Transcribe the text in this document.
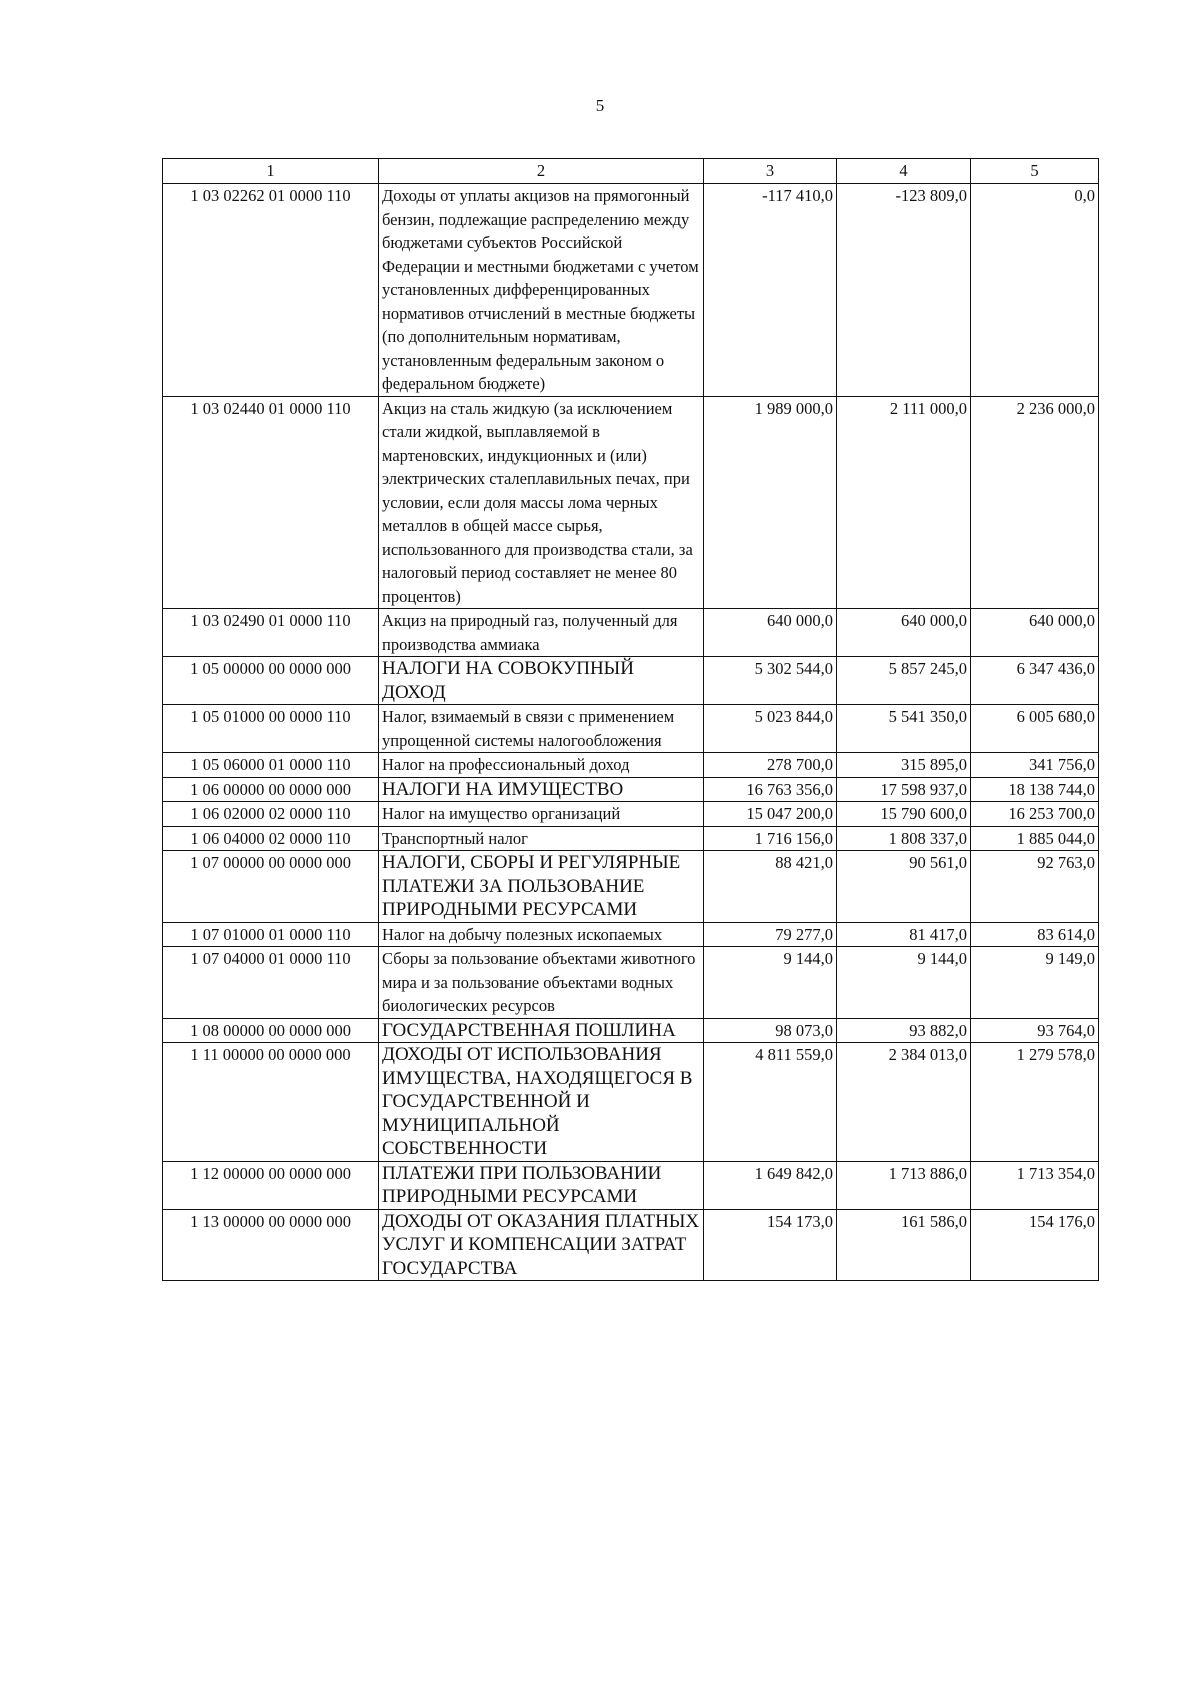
5
1	2	3	4	5
1 03 02262 01 0000 110	Доходы от уплаты акцизов на прямогонный бензин, подлежащие распределению между бюджетами субъектов Российской Федерации и местными бюджетами с учетом установленных дифференцированных нормативов отчислений в местные бюджеты (по дополнительным нормативам, установленным федеральным законом о федеральном бюджете)	-117 410,0	-123 809,0	0,0
1 03 02440 01 0000 110	Акциз на сталь жидкую (за исключением стали жидкой, выплавляемой в мартеновских, индукционных и (или) электрических сталеплавильных печах, при условии, если доля массы лома черных металлов в общей массе сырья, использованного для производства стали, за налоговый период составляет не менее 80 процентов)	1 989 000,0	2 111 000,0	2 236 000,0
1 03 02490 01 0000 110	Акциз на природный газ, полученный для производства аммиака	640 000,0	640 000,0	640 000,0
1 05 00000 00 0000 000	НАЛОГИ НА СОВОКУПНЫЙ ДОХОД	5 302 544,0	5 857 245,0	6 347 436,0
1 05 01000 00 0000 110	Налог, взимаемый в связи с применением упрощенной системы налогообложения	5 023 844,0	5 541 350,0	6 005 680,0
1 05 06000 01 0000 110	Налог на профессиональный доход	278 700,0	315 895,0	341 756,0
1 06 00000 00 0000 000	НАЛОГИ НА ИМУЩЕСТВО	16 763 356,0	17 598 937,0	18 138 744,0
1 06 02000 02 0000 110	Налог на имущество организаций	15 047 200,0	15 790 600,0	16 253 700,0
1 06 04000 02 0000 110	Транспортный налог	1 716 156,0	1 808 337,0	1 885 044,0
1 07 00000 00 0000 000	НАЛОГИ, СБОРЫ И РЕГУЛЯРНЫЕ ПЛАТЕЖИ ЗА ПОЛЬЗОВАНИЕ ПРИРОДНЫМИ РЕСУРСАМИ	88 421,0	90 561,0	92 763,0
1 07 01000 01 0000 110	Налог на добычу полезных ископаемых	79 277,0	81 417,0	83 614,0
1 07 04000 01 0000 110	Сборы за пользование объектами животного мира и за пользование объектами водных биологических ресурсов	9 144,0	9 144,0	9 149,0
1 08 00000 00 0000 000	ГОСУДАРСТВЕННАЯ ПОШЛИНА	98 073,0	93 882,0	93 764,0
1 11 00000 00 0000 000	ДОХОДЫ ОТ ИСПОЛЬЗОВАНИЯ ИМУЩЕСТВА, НАХОДЯЩЕГОСЯ В ГОСУДАРСТВЕННОЙ И МУНИЦИПАЛЬНОЙ СОБСТВЕННОСТИ	4 811 559,0	2 384 013,0	1 279 578,0
1 12 00000 00 0000 000	ПЛАТЕЖИ ПРИ ПОЛЬЗОВАНИИ ПРИРОДНЫМИ РЕСУРСАМИ	1 649 842,0	1 713 886,0	1 713 354,0
1 13 00000 00 0000 000	ДОХОДЫ ОТ ОКАЗАНИЯ ПЛАТНЫХ УСЛУГ И КОМПЕНСАЦИИ ЗАТРАТ ГОСУДАРСТВА	154 173,0	161 586,0	154 176,0
